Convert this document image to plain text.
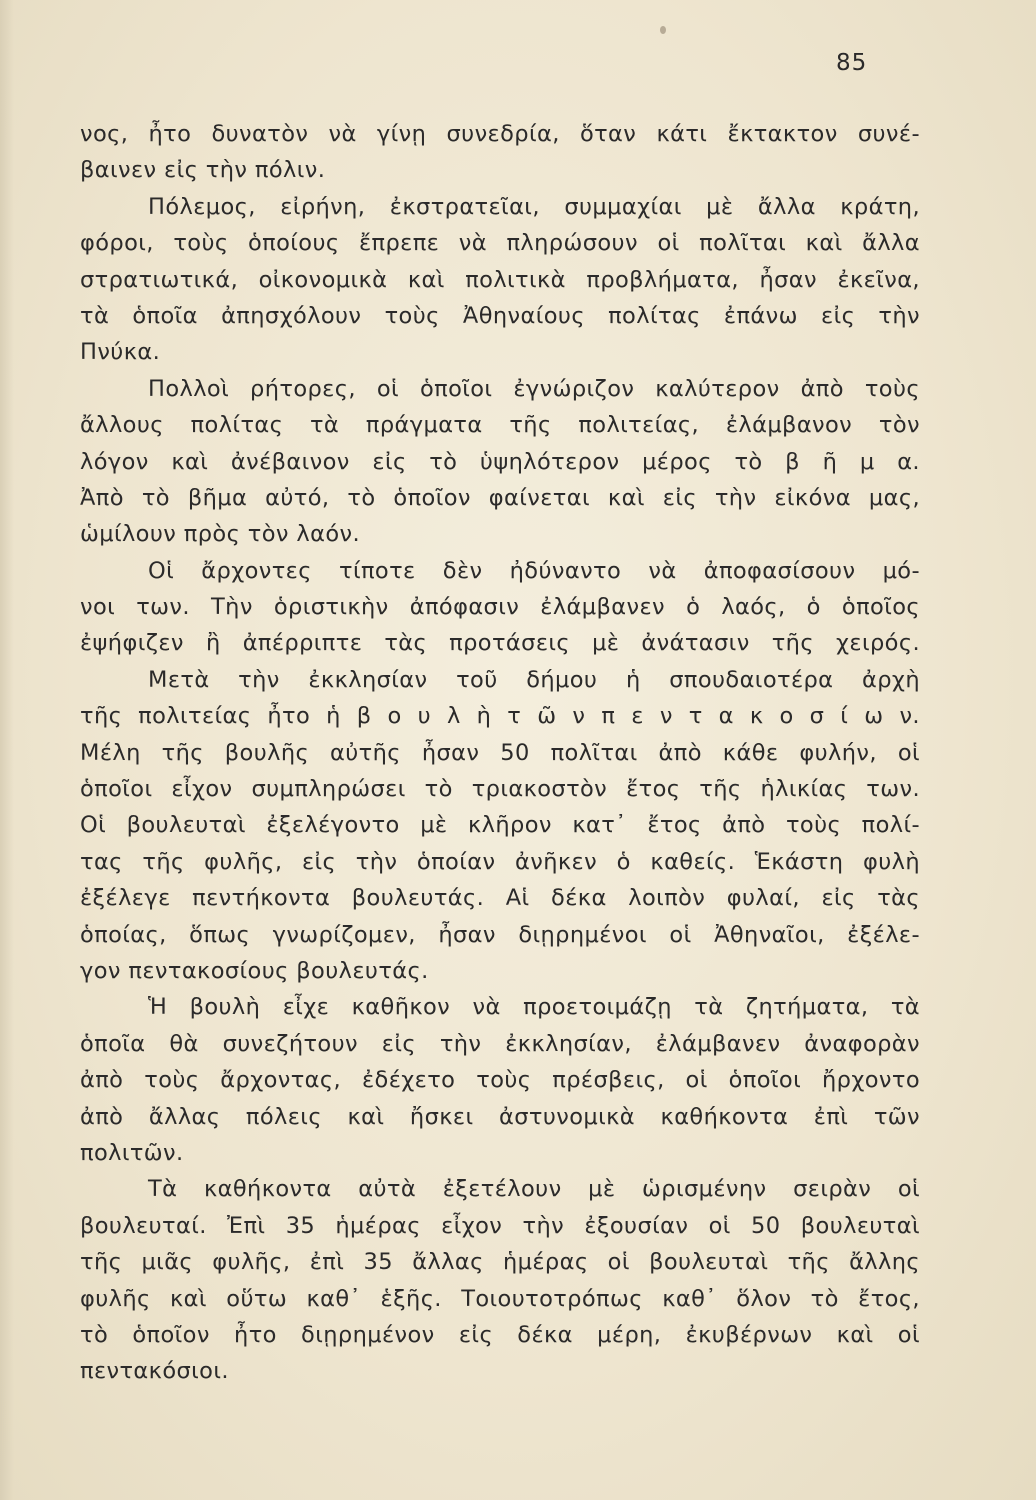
85
νος, ἦτο δυνατὸν νὰ γίνῃ συνεδρία, ὅταν κάτι ἔκτακτον συνέ-
βαινεν εἰς τὴν πόλιν.
Πόλεμος, εἰρήνη, ἐκστρατεῖαι, συμμαχίαι μὲ ἄλλα κράτη,
φόροι, τοὺς ὁποίους ἔπρεπε νὰ πληρώσουν οἱ πολῖται καὶ ἄλλα
στρατιωτικά, οἰκονομικὰ καὶ πολιτικὰ προβλήματα, ἦσαν ἐκεῖνα,
τὰ ὁποῖα ἀπησχόλουν τοὺς Ἀθηναίους πολίτας ἐπάνω εἰς τὴν
Πνύκα.
Πολλοὶ ρήτορες, οἱ ὁποῖοι ἐγνώριζον καλύτερον ἀπὸ τοὺς
ἄλλους πολίτας τὰ πράγματα τῆς πολιτείας, ἐλάμβανον τὸν
λόγον καὶ ἀνέβαινον εἰς τὸ ὑψηλότερον μέρος τὸ β ῆ μ α.
Ἀπὸ τὸ βῆμα αὐτό, τὸ ὁποῖον φαίνεται καὶ εἰς τὴν εἰκόνα μας,
ὡμίλουν πρὸς τὸν λαόν.
Οἱ ἄρχοντες τίποτε δὲν ἠδύναντο νὰ ἀποφασίσουν μό-
νοι των. Τὴν ὁριστικὴν ἀπόφασιν ἐλάμβανεν ὁ λαός, ὁ ὁποῖος
ἐψήφιζεν ἢ ἀπέρριπτε τὰς προτάσεις μὲ ἀνάτασιν τῆς χειρός.
Μετὰ τὴν ἐκκλησίαν τοῦ δήμου ἡ σπουδαιοτέρα ἀρχὴ
τῆς πολιτείας ἦτο ἡ β ο υ λ ὴ τ ῶ ν π ε ν τ α κ ο σ ί ω ν.
Μέλη τῆς βουλῆς αὐτῆς ἦσαν 50 πολῖται ἀπὸ κάθε φυλήν, οἱ
ὁποῖοι εἶχον συμπληρώσει τὸ τριακοστὸν ἔτος τῆς ἡλικίας των.
Οἱ βουλευταὶ ἐξελέγοντο μὲ κλῆρον κατ᾽ ἔτος ἀπὸ τοὺς πολί-
τας τῆς φυλῆς, εἰς τὴν ὁποίαν ἀνῆκεν ὁ καθείς. Ἑκάστη φυλὴ
ἐξέλεγε πεντήκοντα βουλευτάς. Αἱ δέκα λοιπὸν φυλαί, εἰς τὰς
ὁποίας, ὅπως γνωρίζομεν, ἦσαν διῃρημένοι οἱ Ἀθηναῖοι, ἐξέλε-
γον πεντακοσίους βουλευτάς.
Ἡ βουλὴ εἶχε καθῆκον νὰ προετοιμάζῃ τὰ ζητήματα, τὰ
ὁποῖα θὰ συνεζήτουν εἰς τὴν ἐκκλησίαν, ἐλάμβανεν ἀναφορὰν
ἀπὸ τοὺς ἄρχοντας, ἐδέχετο τοὺς πρέσβεις, οἱ ὁποῖοι ἤρχοντο
ἀπὸ ἄλλας πόλεις καὶ ἤσκει ἀστυνομικὰ καθήκοντα ἐπὶ τῶν
πολιτῶν.
Τὰ καθήκοντα αὐτὰ ἐξετέλουν μὲ ὡρισμένην σειρὰν οἱ
βουλευταί. Ἐπὶ 35 ἡμέρας εἶχον τὴν ἐξουσίαν οἱ 50 βουλευταὶ
τῆς μιᾶς φυλῆς, ἐπὶ 35 ἄλλας ἡμέρας οἱ βουλευταὶ τῆς ἄλλης
φυλῆς καὶ οὕτω καθ᾽ ἑξῆς. Τοιουτοτρόπως καθ᾽ ὅλον τὸ ἔτος,
τὸ ὁποῖον ἦτο διῃρημένον εἰς δέκα μέρη, ἐκυβέρνων καὶ οἱ
πεντακόσιοι.
